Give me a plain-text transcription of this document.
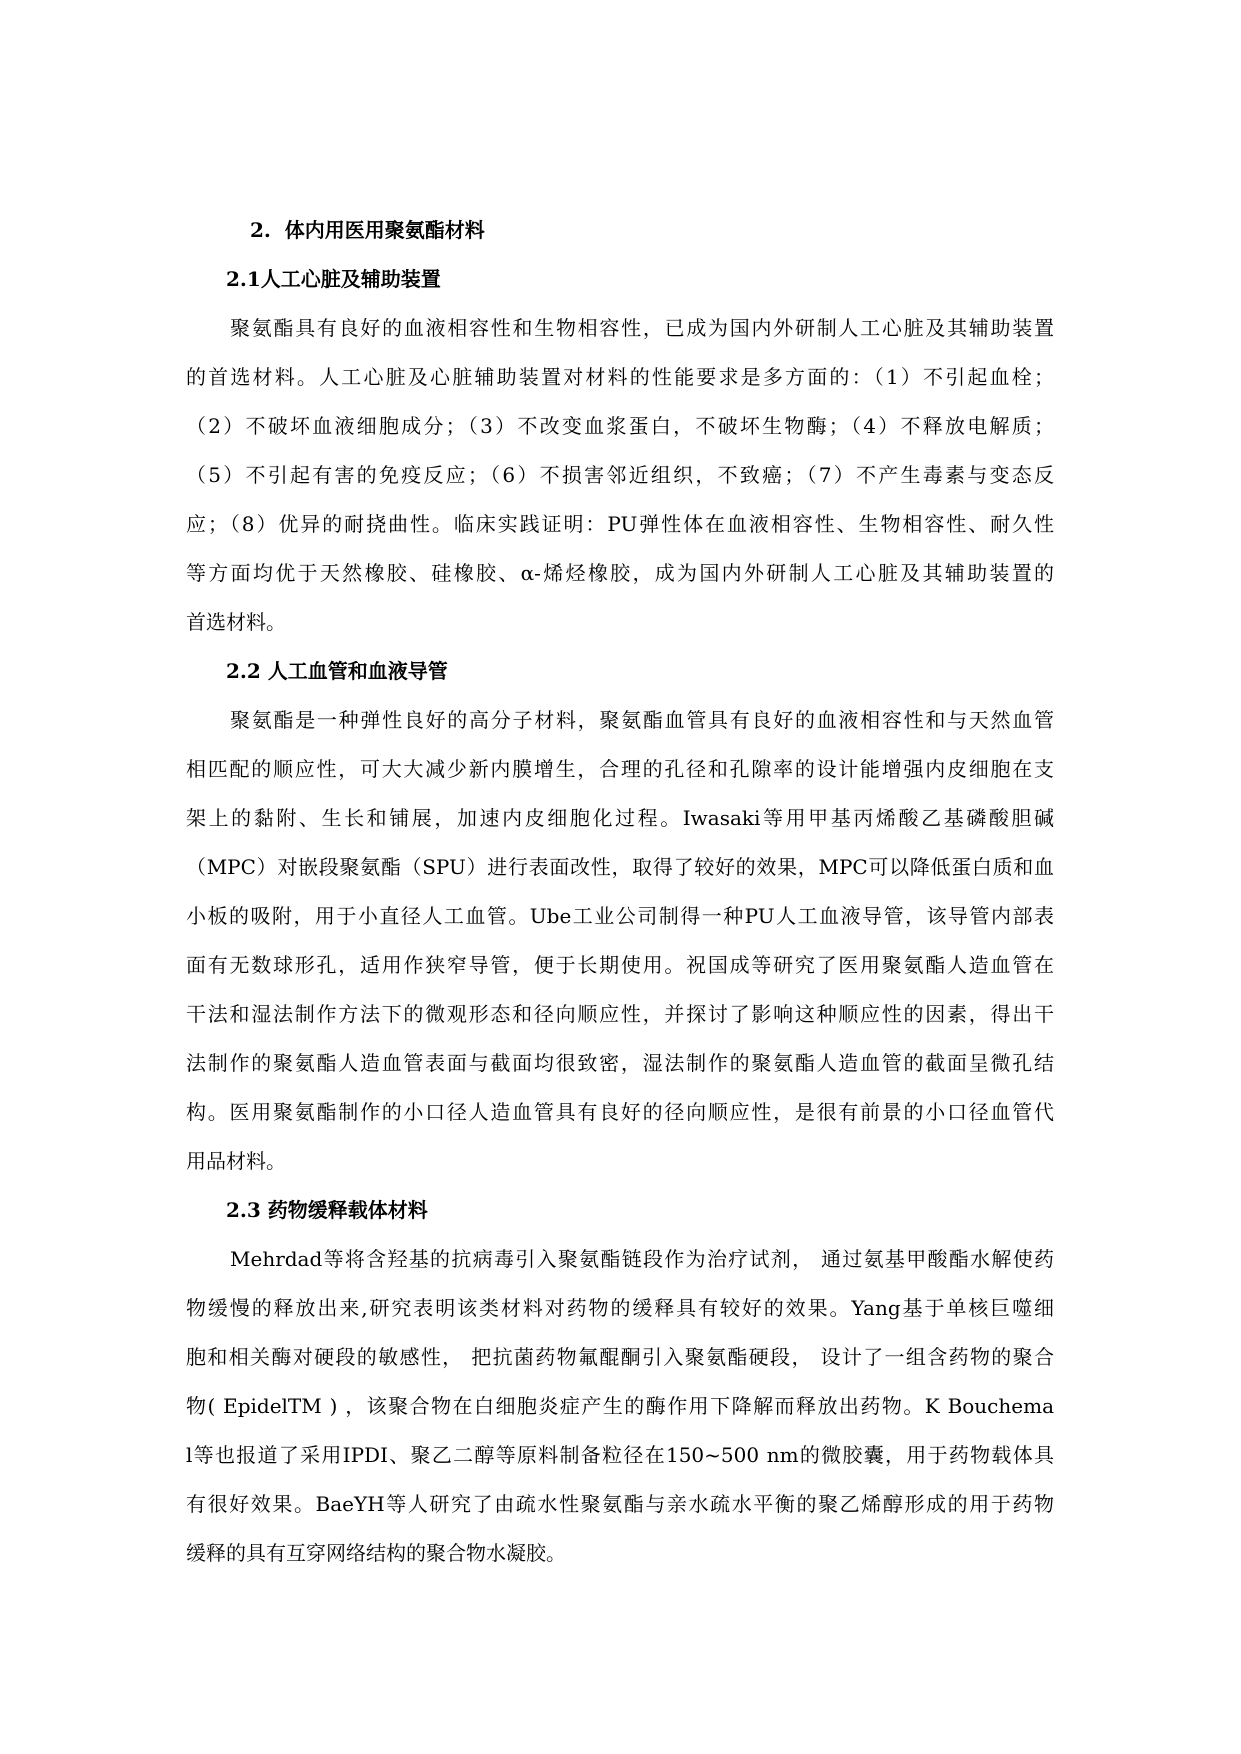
2.  体内用医用聚氨酯材料
2.1人工心脏及辅助装置
聚氨酯具有良好的血液相容性和生物相容性，已成为国内外研制人工心脏及其辅助装置
的首选材料。人工心脏及心脏辅助装置对材料的性能要求是多方面的：（1）不引起血栓；
（2）不破坏血液细胞成分；（3）不改变血浆蛋白，不破坏生物酶；（4）不释放电解质；
（5）不引起有害的免疫反应；（6）不损害邻近组织，不致癌；（7）不产生毒素与变态反
应；（8）优异的耐挠曲性。临床实践证明：PU弹性体在血液相容性、生物相容性、耐久性
等方面均优于天然橡胶、硅橡胶、α-烯烃橡胶，成为国内外研制人工心脏及其辅助装置的
首选材料。
2.2 人工血管和血液导管
聚氨酯是一种弹性良好的高分子材料，聚氨酯血管具有良好的血液相容性和与天然血管
相匹配的顺应性，可大大减少新内膜增生，合理的孔径和孔隙率的设计能增强内皮细胞在支
架上的黏附、生长和铺展，加速内皮细胞化过程。Iwasaki等用甲基丙烯酸乙基磷酸胆碱
（MPC）对嵌段聚氨酯（SPU）进行表面改性，取得了较好的效果，MPC可以降低蛋白质和血
小板的吸附，用于小直径人工血管。Ube工业公司制得一种PU人工血液导管，该导管内部表
面有无数球形孔，适用作狭窄导管，便于长期使用。祝国成等研究了医用聚氨酯人造血管在
干法和湿法制作方法下的微观形态和径向顺应性，并探讨了影响这种顺应性的因素，得出干
法制作的聚氨酯人造血管表面与截面均很致密，湿法制作的聚氨酯人造血管的截面呈微孔结
构。医用聚氨酯制作的小口径人造血管具有良好的径向顺应性，是很有前景的小口径血管代
用品材料。
2.3 药物缓释载体材料
Mehrdad等将含羟基的抗病毒引入聚氨酯链段作为治疗试剂， 通过氨基甲酸酯水解使药
物缓慢的释放出来,研究表明该类材料对药物的缓释具有较好的效果。Yang基于单核巨噬细
胞和相关酶对硬段的敏感性， 把抗菌药物氟醌酮引入聚氨酯硬段， 设计了一组含药物的聚合
物( EpidelTM ) ，该聚合物在白细胞炎症产生的酶作用下降解而释放出药物。K Bouchema
l等也报道了采用IPDI、聚乙二醇等原料制备粒径在150~500 nm的微胶囊，用于药物载体具
有很好效果。BaeYH等人研究了由疏水性聚氨酯与亲水疏水平衡的聚乙烯醇形成的用于药物
缓释的具有互穿网络结构的聚合物水凝胶。
